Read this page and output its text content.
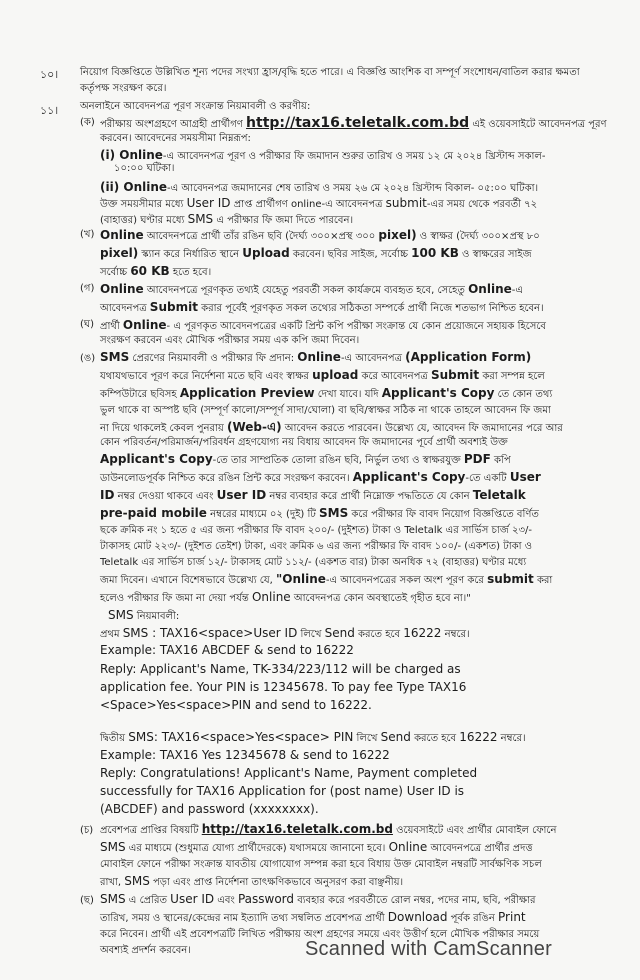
১০। নিয়োগ বিজ্ঞপ্তিতে উল্লিখিত শূন্য পদের সংখ্যা হ্রাস/বৃদ্ধি হতে পারে। এ বিজ্ঞপ্তি আংশিক বা সম্পূর্ণ সংশোধন/বাতিল করার ক্ষমতা
কর্তৃপক্ষ সংরক্ষণ করে।
১১। অনলাইনে আবেদনপত্র পূরণ সংক্রান্ত নিয়মাবলী ও করণীয়:
(ক) পরীক্ষায় অংশগ্রহণে আগ্রহী প্রার্থীগণ http://tax16.teletalk.com.bd এই ওয়েবসাইটে আবেদনপত্র পূরণ
করবেন। আবেদনের সময়সীমা নিম্নরূপ:
(i) Online-এ আবেদনপত্র পূরণ ও পরীক্ষার ফি জমাদান শুরুর তারিখ ও সময় ১২ মে ২০২৪ খ্রিস্টাব্দ সকাল-
১০:০০ ঘটিকা।
(ii) Online-এ আবেদনপত্র জমাদানের শেষ তারিখ ও সময় ২৬ মে ২০২৪ খ্রিস্টাব্দ বিকাল- ০৫:০০ ঘটিকা।
উক্ত সময়সীমার মধ্যে User ID প্রাপ্ত প্রার্থীগণ online-এ আবেদনপত্র submit-এর সময় থেকে পরবর্তী ৭২
(বাহাত্তর) ঘণ্টার মধ্যে SMS এ পরীক্ষার ফি জমা দিতে পারবেন।
(খ) Online আবেদনপত্রে প্রার্থী তাঁর রঙিন ছবি (দৈর্ঘ্য ৩০০×প্রস্থ ৩০০ pixel) ও স্বাক্ষর (দৈর্ঘ্য ৩০০×প্রস্থ ৮০
pixel) স্ক্যান করে নির্ধারিত স্থানে Upload করবেন। ছবির সাইজ, সর্বোচ্চ 100 KB ও স্বাক্ষরের সাইজ
সর্বোচ্চ 60 KB হতে হবে।
(গ) Online আবেদনপত্রে পূরণকৃত তথ্যই যেহেতু পরবর্তী সকল কার্যক্রমে ব্যবহৃত হবে, সেহেতু Online-এ
আবেদনপত্র Submit করার পূর্বেই পূরণকৃত সকল তথ্যের সঠিকতা সম্পর্কে প্রার্থী নিজে শতভাগ নিশ্চিত হবেন।
(ঘ) প্রার্থী Online- এ পূরণকৃত আবেদনপত্রের একটি প্রিন্ট কপি পরীক্ষা সংক্রান্ত যে কোন প্রয়োজনে সহায়ক হিসেবে
সংরক্ষণ করবেন এবং মৌখিক পরীক্ষার সময় এক কপি জমা দিবেন।
(ঙ) SMS প্রেরণের নিয়মাবলী ও পরীক্ষার ফি প্রদান: Online-এ আবেদনপত্র (Application Form)
যথাযথভাবে পূরণ করে নির্দেশনা মতে ছবি এবং স্বাক্ষর upload করে আবেদনপত্র Submit করা সম্পন্ন হলে
কম্পিউটারে ছবিসহ Application Preview দেখা যাবে। যদি Applicant's Copy তে কোন তথ্য
ভুল থাকে বা অস্পষ্ট ছবি (সম্পূর্ণ কালো/সম্পূর্ণ সাদা/ঘোলা) বা ছবি/স্বাক্ষর সঠিক না থাকে তাহলে আবেদন ফি জমা
না দিয়ে থাকলেই কেবল পুনরায় (Web-এ) আবেদন করতে পারবেন। উল্লেখ্য যে, আবেদন ফি জমাদানের পরে আর
কোন পরিবর্তন/পরিমার্জন/পরিবর্ধন গ্রহণযোগ্য নয় বিধায় আবেদন ফি জমাদানের পূর্বে প্রার্থী অবশ্যই উক্ত
Applicant's Copy-তে তার সাম্প্রতিক তোলা রঙিন ছবি, নির্ভুল তথ্য ও স্বাক্ষরযুক্ত PDF কপি
ডাউনলোডপূর্বক নিশ্চিত করে রঙিন প্রিন্ট করে সংরক্ষণ করবেন। Applicant's Copy-তে একটি User
ID নম্বর দেওয়া থাকবে এবং User ID নম্বর ব্যবহার করে প্রার্থী নিম্নোক্ত পদ্ধতিতে যে কোন Teletalk
pre-paid mobile নম্বরের মাধ্যমে ০২ (দুই) টি SMS করে পরীক্ষার ফি বাবদ নিয়োগ বিজ্ঞপ্তিতে বর্ণিত
ছকে ক্রমিক নং ১ হতে ৫ এর জন্য পরীক্ষার ফি বাবদ ২০০/- (দুইশত) টাকা ও Teletalk এর সার্ভিস চার্জ ২৩/-
টাকাসহ মোট ২২৩/- (দুইশত তেইশ) টাকা, এবং ক্রমিক ৬ এর জন্য পরীক্ষার ফি বাবদ ১০০/- (একশত) টাকা ও
Teletalk এর সার্ভিস চার্জ ১২/- টাকাসহ মোট ১১২/- (একশত বার) টাকা অনধিক ৭২ (বাহাত্তর) ঘণ্টার মধ্যে
জমা দিবেন। এখানে বিশেষভাবে উল্লেখ্য যে, "Online-এ আবেদনপত্রের সকল অংশ পূরণ করে submit করা
হলেও পরীক্ষার ফি জমা না দেয়া পর্যন্ত Online আবেদনপত্র কোন অবস্থাতেই গৃহীত হবে না।"
SMS নিয়মাবলী:
প্রথম SMS : TAX16<space>User ID লিখে Send করতে হবে 16222 নম্বরে।
Example: TAX16 ABCDEF & send to 16222
Reply: Applicant's Name, TK-334/223/112 will be charged as
application fee. Your PIN is 12345678. To pay fee Type TAX16
<Space>Yes<space>PIN and send to 16222.
দ্বিতীয় SMS: TAX16<space>Yes<space> PIN লিখে Send করতে হবে 16222 নম্বরে।
Example: TAX16 Yes 12345678 & send to 16222
Reply: Congratulations! Applicant's Name, Payment completed
successfully for TAX16 Application for (post name) User ID is
(ABCDEF) and password (xxxxxxxx).
(চ) প্রবেশপত্র প্রাপ্তির বিষয়টি http://tax16.teletalk.com.bd ওয়েবসাইটে এবং প্রার্থীর মোবাইল ফোনে
SMS এর মাধ্যমে (শুধুমাত্র যোগ্য প্রার্থীদেরকে) যথাসময়ে জানানো হবে। Online আবেদনপত্রে প্রার্থীর প্রদত্ত
মোবাইল ফোনে পরীক্ষা সংক্রান্ত যাবতীয় যোগাযোগ সম্পন্ন করা হবে বিধায় উক্ত মোবাইল নম্বরটি সার্বক্ষণিক সচল
রাখা, SMS পড়া এবং প্রাপ্ত নির্দেশনা তাৎক্ষণিকভাবে অনুসরণ করা বাঞ্ছনীয়।
(ছ) SMS এ প্রেরিত User ID এবং Password ব্যবহার করে পরবর্তীতে রোল নম্বর, পদের নাম, ছবি, পরীক্ষার
তারিখ, সময় ও স্থানের/কেন্দ্রের নাম ইত্যাদি তথ্য সম্বলিত প্রবেশপত্র প্রার্থী Download পূর্বক রঙিন Print
করে নিবেন। প্রার্থী এই প্রবেশপত্রটি লিখিত পরীক্ষায় অংশ গ্রহণের সময়ে এবং উত্তীর্ণ হলে মৌখিক পরীক্ষার সময়ে
অবশ্যই প্রদর্শন করবেন।	Scanned with CamScanner
